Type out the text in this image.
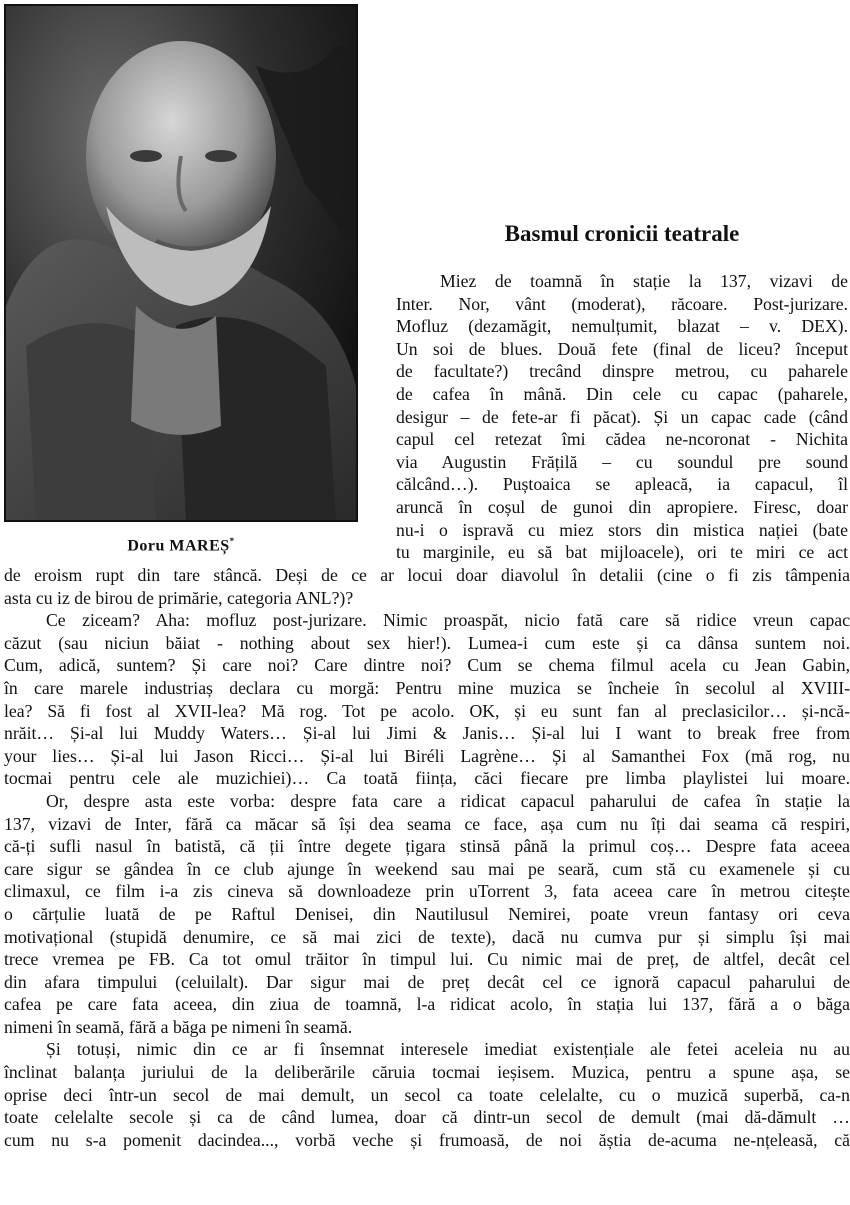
Doru MAREȘ*
Basmul cronicii teatrale
Miez de toamnă în stație la 137, vizavi de
Inter. Nor, vânt (moderat), răcoare. Post-jurizare.
Mofluz (dezamăgit, nemulțumit, blazat – v. DEX).
Un soi de blues. Două fete (final de liceu? început
de facultate?) trecând dinspre metrou, cu paharele
de cafea în mână. Din cele cu capac (paharele,
desigur – de fete-ar fi păcat). Și un capac cade (când
capul cel retezat îmi cădea ne-ncoronat - Nichita
via Augustin Frățilă – cu soundul pre sound
călcând…). Puștoaica se apleacă, ia capacul, îl
aruncă în coșul de gunoi din apropiere. Firesc, doar
nu-i o ispravă cu miez stors din mistica nației (bate
tu marginile, eu să bat mijloacele), ori te miri ce act
de eroism rupt din tare stâncă. Deși de ce ar locui doar diavolul în detalii (cine o fi zis tâmpenia
asta cu iz de birou de primărie, categoria ANL?)?
Ce ziceam? Aha: mofluz post-jurizare. Nimic proaspăt, nicio fată care să ridice vreun capac
căzut (sau niciun băiat - nothing about sex hier!). Lumea-i cum este și ca dânsa suntem noi.
Cum, adică, suntem? Și care noi? Care dintre noi? Cum se chema filmul acela cu Jean Gabin,
în care marele industriaș declara cu morgă: Pentru mine muzica se încheie în secolul al XVIII-
lea? Să fi fost al XVII-lea? Mă rog. Tot pe acolo. OK, și eu sunt fan al preclasicilor… și-ncă-
nrăit… Și-al lui Muddy Waters… Și-al lui Jimi & Janis… Și-al lui I want to break free from
your lies… Și-al lui Jason Ricci… Și-al lui Biréli Lagrène… Și al Samanthei Fox (mă rog, nu
tocmai pentru cele ale muzichiei)… Ca toată ființa, căci fiecare pre limba playlistei lui moare.
Or, despre asta este vorba: despre fata care a ridicat capacul paharului de cafea în stație la
137, vizavi de Inter, fără ca măcar să își dea seama ce face, așa cum nu îți dai seama că respiri,
că-ți sufli nasul în batistă, că ții între degete țigara stinsă până la primul coș… Despre fata aceea
care sigur se gândea în ce club ajunge în weekend sau mai pe seară, cum stă cu examenele și cu
climaxul, ce film i-a zis cineva să downloadeze prin uTorrent 3, fata aceea care în metrou citește
o cărțulie luată de pe Raftul Denisei, din Nautilusul Nemirei, poate vreun fantasy ori ceva
motivațional (stupidă denumire, ce să mai zici de texte), dacă nu cumva pur și simplu își mai
trece vremea pe FB. Ca tot omul trăitor în timpul lui. Cu nimic mai de preț, de altfel, decât cel
din afara timpului (celuilalt). Dar sigur mai de preț decât cel ce ignoră capacul paharului de
cafea pe care fata aceea, din ziua de toamnă, l-a ridicat acolo, în stația lui 137, fără a o băga
nimeni în seamă, fără a băga pe nimeni în seamă.
Și totuși, nimic din ce ar fi însemnat interesele imediat existențiale ale fetei aceleia nu au
înclinat balanța juriului de la deliberările căruia tocmai ieșisem. Muzica, pentru a spune așa, se
oprise deci într-un secol de mai demult, un secol ca toate celelalte, cu o muzică superbă, ca-n
toate celelalte secole și ca de când lumea, doar că dintr-un secol de demult (mai dă-dămult …
cum nu s-a pomenit dacindea..., vorbă veche și frumoasă, de noi ăștia de-acuma ne-nțeleasă, că
